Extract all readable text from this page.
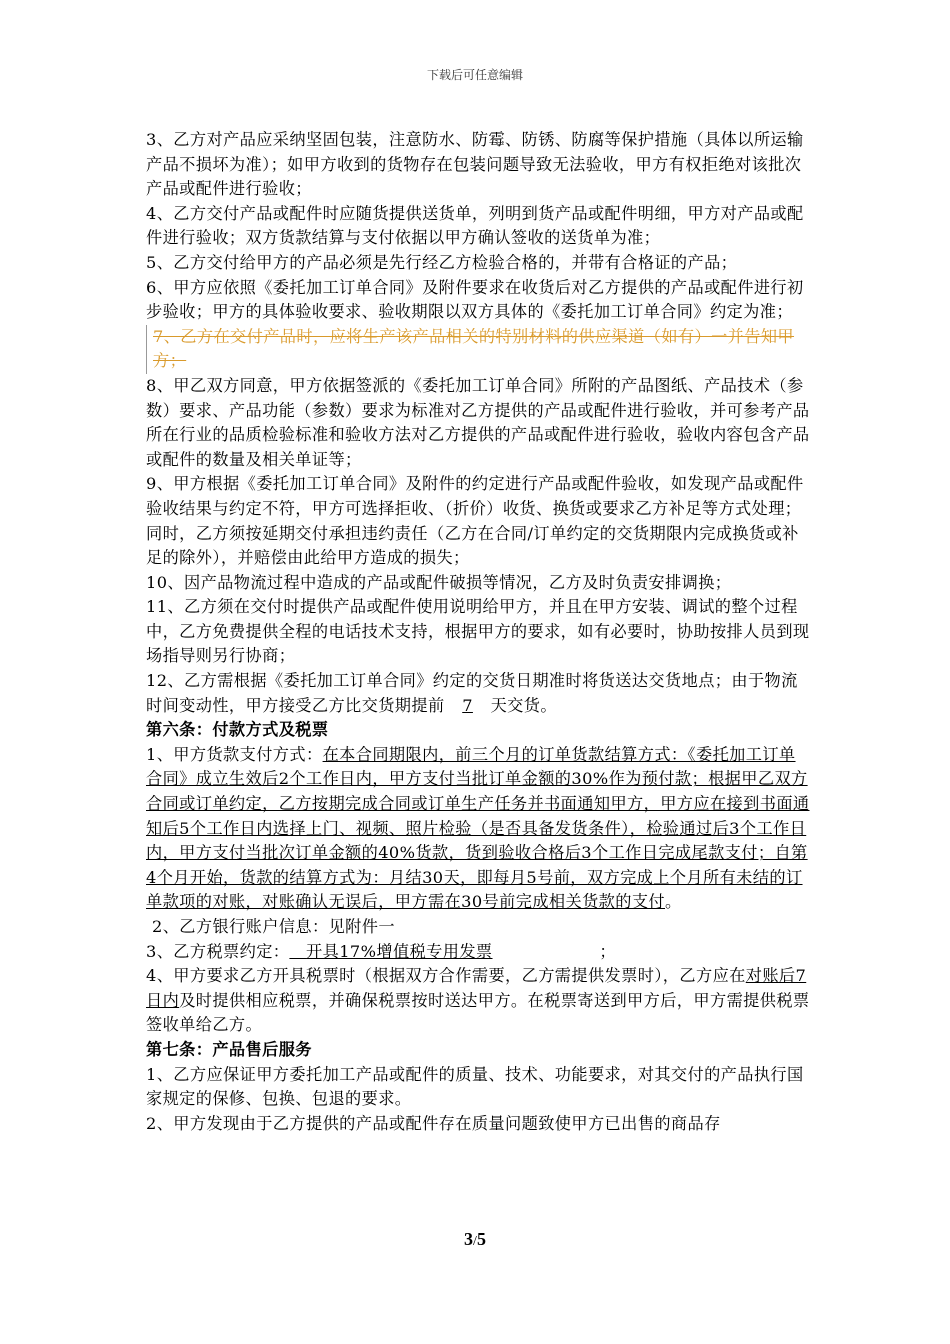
下载后可任意编辑

3、乙方对产品应采纳坚固包装，注意防水、防霉、防锈、防腐等保护措施（具体以所运输产品不损坏为准）；如甲方收到的货物存在包装问题导致无法验收，甲方有权拒绝对该批次产品或配件进行验收；

4、乙方交付产品或配件时应随货提供送货单，列明到货产品或配件明细，甲方对产品或配件进行验收；双方货款结算与支付依据以甲方确认签收的送货单为准；

5、乙方交付给甲方的产品必须是先行经乙方检验合格的，并带有合格证的产品；

6、甲方应依照《委托加工订单合同》及附件要求在收货后对乙方提供的产品或配件进行初步验收；甲方的具体验收要求、验收期限以双方具体的《委托加工订单合同》约定为准；

7、乙方在交付产品时，应将生产该产品相关的特别材料的供应渠道（如有）一并告知甲方；

8、甲乙双方同意，甲方依据签派的《委托加工订单合同》所附的产品图纸、产品技术（参数）要求、产品功能（参数）要求为标准对乙方提供的产品或配件进行验收，并可参考产品所在行业的品质检验标准和验收方法对乙方提供的产品或配件进行验收，验收内容包含产品或配件的数量及相关单证等；

9、甲方根据《委托加工订单合同》及附件的约定进行产品或配件验收，如发现产品或配件验收结果与约定不符，甲方可选择拒收、（折价）收货、换货或要求乙方补足等方式处理；同时，乙方须按延期交付承担违约责任（乙方在合同/订单约定的交货期限内完成换货或补足的除外），并赔偿由此给甲方造成的损失；

10、因产品物流过程中造成的产品或配件破损等情况，乙方及时负责安排调换；

11、乙方须在交付时提供产品或配件使用说明给甲方，并且在甲方安装、调试的整个过程中，乙方免费提供全程的电话技术支持，根据甲方的要求，如有必要时，协助按排人员到现场指导则另行协商；

12、乙方需根据《委托加工订单合同》约定的交货日期准时将货送达交货地点；由于物流时间变动性，甲方接受乙方比交货期提前 7 天交货。

第六条：付款方式及税票

1、甲方货款支付方式：在本合同期限内，前三个月的订单货款结算方式：《委托加工订单合同》成立生效后2个工作日内，甲方支付当批订单金额的30%作为预付款；根据甲乙双方合同或订单约定，乙方按期完成合同或订单生产任务并书面通知甲方，甲方应在接到书面通知后5个工作日内选择上门、视频、照片检验（是否具备发货条件），检验通过后3个工作日内，甲方支付当批次订单金额的40%货款，货到验收合格后3个工作日完成尾款支付；自第4个月开始，货款的结算方式为：月结30天，即每月5号前，双方完成上个月所有未结的订单款项的对账，对账确认无误后，甲方需在30号前完成相关货款的支付。

2、乙方银行账户信息：见附件一

3、乙方税票约定： 开具17%增值税专用发票	；

4、甲方要求乙方开具税票时（根据双方合作需要，乙方需提供发票时），乙方应在对账后7日内及时提供相应税票，并确保税票按时送达甲方。在税票寄送到甲方后，甲方需提供税票签收单给乙方。

第七条：产品售后服务

1、乙方应保证甲方委托加工产品或配件的质量、技术、功能要求，对其交付的产品执行国家规定的保修、包换、包退的要求。

2、甲方发现由于乙方提供的产品或配件存在质量问题致使甲方已出售的商品存

3/5
